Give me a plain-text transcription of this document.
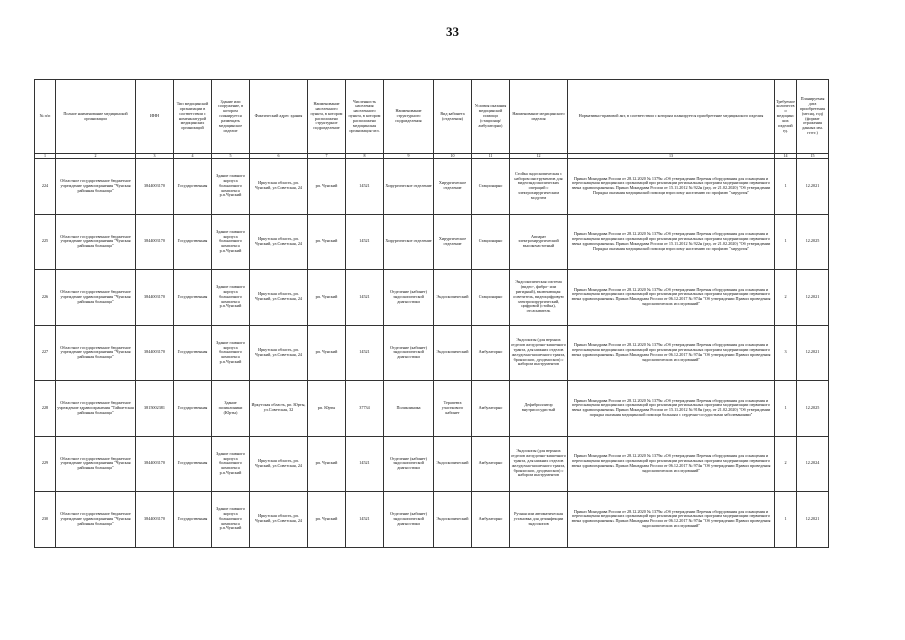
33
№ п/п	Полное наименование медицинской организации	ИНН	Тип медицинской организации в соответствии с номенклатурой медицинских организаций	Здание или сооружение, в котором планируется размещать медицинское изделие	Фактический адрес здания	Наименование населенного пункта, в котором расположено структурное подразделение	Численность населения населенного пункта, в котором расположено медицинская организация чел.	Наименование структурного подразделения	Вид кабинета (отделения)	Условия оказания медицинской помощи (стационар/амбулаторно)	Наименование медицинского изделия	Нормативно-правовой акт, в соответствии с которым планируется приобретение медицинского изделия	Требуемое количество медицинских изделий ед.	Планируемая дата приобретения (месяц, год) (формат отражения данных мм. ггггг.)
1	2	3	4	5	6	7	8	9	10	11	12	13	14	15
224	Областное государственное бюджетное учреждение здравоохранения "Чунская районная больница"	3844003170	Государственная	Здание главного корпуса больничного комплекса р.п.Чунский	Иркутская область, рп. Чунский, ул.Советская, 24	рп. Чунский	14521	Хирургическое отделение	Хирургическое отделение	Стационарно	Стойка эндоскопическая с набором инструментов для видеоэндоскопических операций с электрохирургическим модулем	Приказ Минздрава России от 28.12.2020 № 1379н «Об утверждении Перечня оборудования для оснащения и переоснащения медицинских организаций при реализации региональных программ модернизации первичного звена здравоохранения» Приказ Минздрава России от 15.11.2012 № 922н (ред. от 21.02.2020) "Об утверждении Порядка оказания медицинской помощи взрослому населению по профилю "хирургия"	1	12.2021
225	Областное государственное бюджетное учреждение здравоохранения "Чунская районная больница"	3844003170	Государственная	Здание главного корпуса больничного комплекса р.п.Чунский	Иркутская область, рп. Чунский, ул.Советская, 24	рп. Чунский	14521	Хирургическое отделение	Хирургическое отделение	Стационарно	Аппарат электрохирургический высокочастотный	Приказ Минздрава России от 28.12.2020 № 1379н «Об утверждении Перечня оборудования для оснащения и переоснащения медицинских организаций при реализации региональных программ модернизации первичного звена здравоохранения» Приказ Минздрава России от 15.11.2012 № 922н (ред. от 21.02.2020) "Об утверждении Порядка оказания медицинской помощи взрослому населению по профилю "хирургия"	1	12.2025
226	Областное государственное бюджетное учреждение здравоохранения "Чунская районная больница"	3844003170	Государственная	Здание главного корпуса больничного комплекса р.п.Чунский	Иркутская область, рп. Чунский, ул.Советская, 24	рп. Чунский	14521	Отделение (кабинет) эндоскопической диагностики	Эндоскопический	Стационарно	Эндоскопическая система (видео-, фибро- или ригидный), включающая: осветитель, видеоцифровую электрохирургический, цифровой (стойка), отсасыватель	Приказ Минздрава России от 28.12.2020 № 1379н «Об утверждении Перечня оборудования для оснащения и переоснащения медицинских организаций при реализации региональных программ модернизации первичного звена здравоохранения» Приказ Минздрава России от 06.12.2017 № 974н "Об утверждении Правил проведения эндоскопических исследований"	2	12.2021
227	Областное государственное бюджетное учреждение здравоохранения "Чунская районная больница"	3844003170	Государственная	Здание главного корпуса больничного комплекса р.п.Чунский	Иркутская область, рп. Чунский, ул.Советская, 24	рп. Чунский	14521	Отделение (кабинет) эндоскопической диагностики	Эндоскопический	Амбулаторно	Эндоскопы (для верхних отделов желудочно-кишечного тракта, для нижних отделов желудочно-кишечного тракта, бронхоскоп, дуоденоскоп) с набором инструментов	Приказ Минздрава России от 28.12.2020 № 1379н «Об утверждении Перечня оборудования для оснащения и переоснащения медицинских организаций при реализации региональных программ модернизации первичного звена здравоохранения» Приказ Минздрава России от 06.12.2017 № 974н "Об утверждении Правил проведения эндоскопических исследований"	3	12.2021
228	Областное государственное бюджетное учреждение здравоохранения "Тайшетская районная больница"	3815002381	Государственная	Здание поликлиники (Юрты)	Иркутская область, рп. Юрты, ул.Советская, 32	рп. Юрты	37734	Поликлиника	Терапевта участкового кабинет	Амбулаторно	Дефибриллятор внутрисосудистый	Приказ Минздрава России от 28.12.2020 № 1379н «Об утверждении Перечня оборудования для оснащения и переоснащения медицинских организаций при реализации региональных программ модернизации первичного звена здравоохранения» Приказ Минздрава России от 15.11.2012 № 918н (ред. от 21.02.2020) "Об утверждении порядка оказания медицинской помощи больным с сердечно-сосудистыми заболеваниями"	1	12.2025
229	Областное государственное бюджетное учреждение здравоохранения "Чунская районная больница"	3844003170	Государственная	Здание главного корпуса больничного комплекса р.п.Чунский	Иркутская область, рп. Чунский, ул.Советская, 24	рп. Чунский	14521	Отделение (кабинет) эндоскопической диагностики	Эндоскопический	Амбулаторно	Эндоскопы (для верхних отделов желудочно-кишечного тракта, для нижних отделов желудочно-кишечного тракта, бронхоскоп, дуоденоскоп) с набором инструментов	Приказ Минздрава России от 28.12.2020 № 1379н «Об утверждении Перечня оборудования для оснащения и переоснащения медицинских организаций при реализации региональных программ модернизации первичного звена здравоохранения» Приказ Минздрава России от 06.12.2017 № 974н "Об утверждении Правил проведения эндоскопических исследований"	2	12.2024
230	Областное государственное бюджетное учреждение здравоохранения "Чунская районная больница"	3844003170	Государственная	Здание главного корпуса больничного комплекса р.п.Чунский	Иркутская область, рп. Чунский, ул.Советская, 24	рп. Чунский	14521	Отделение (кабинет) эндоскопической диагностики	Эндоскопический	Амбулаторно	Ручная или автоматическая установка для дезинфекции эндоскопов	Приказ Минздрава России от 28.12.2020 № 1379н «Об утверждении Перечня оборудования для оснащения и переоснащения медицинских организаций при реализации региональных программ модернизации первичного звена здравоохранения» Приказ Минздрава России от 06.12.2017 № 974н "Об утверждении Правил проведения эндоскопических исследований"	1	12.2021
